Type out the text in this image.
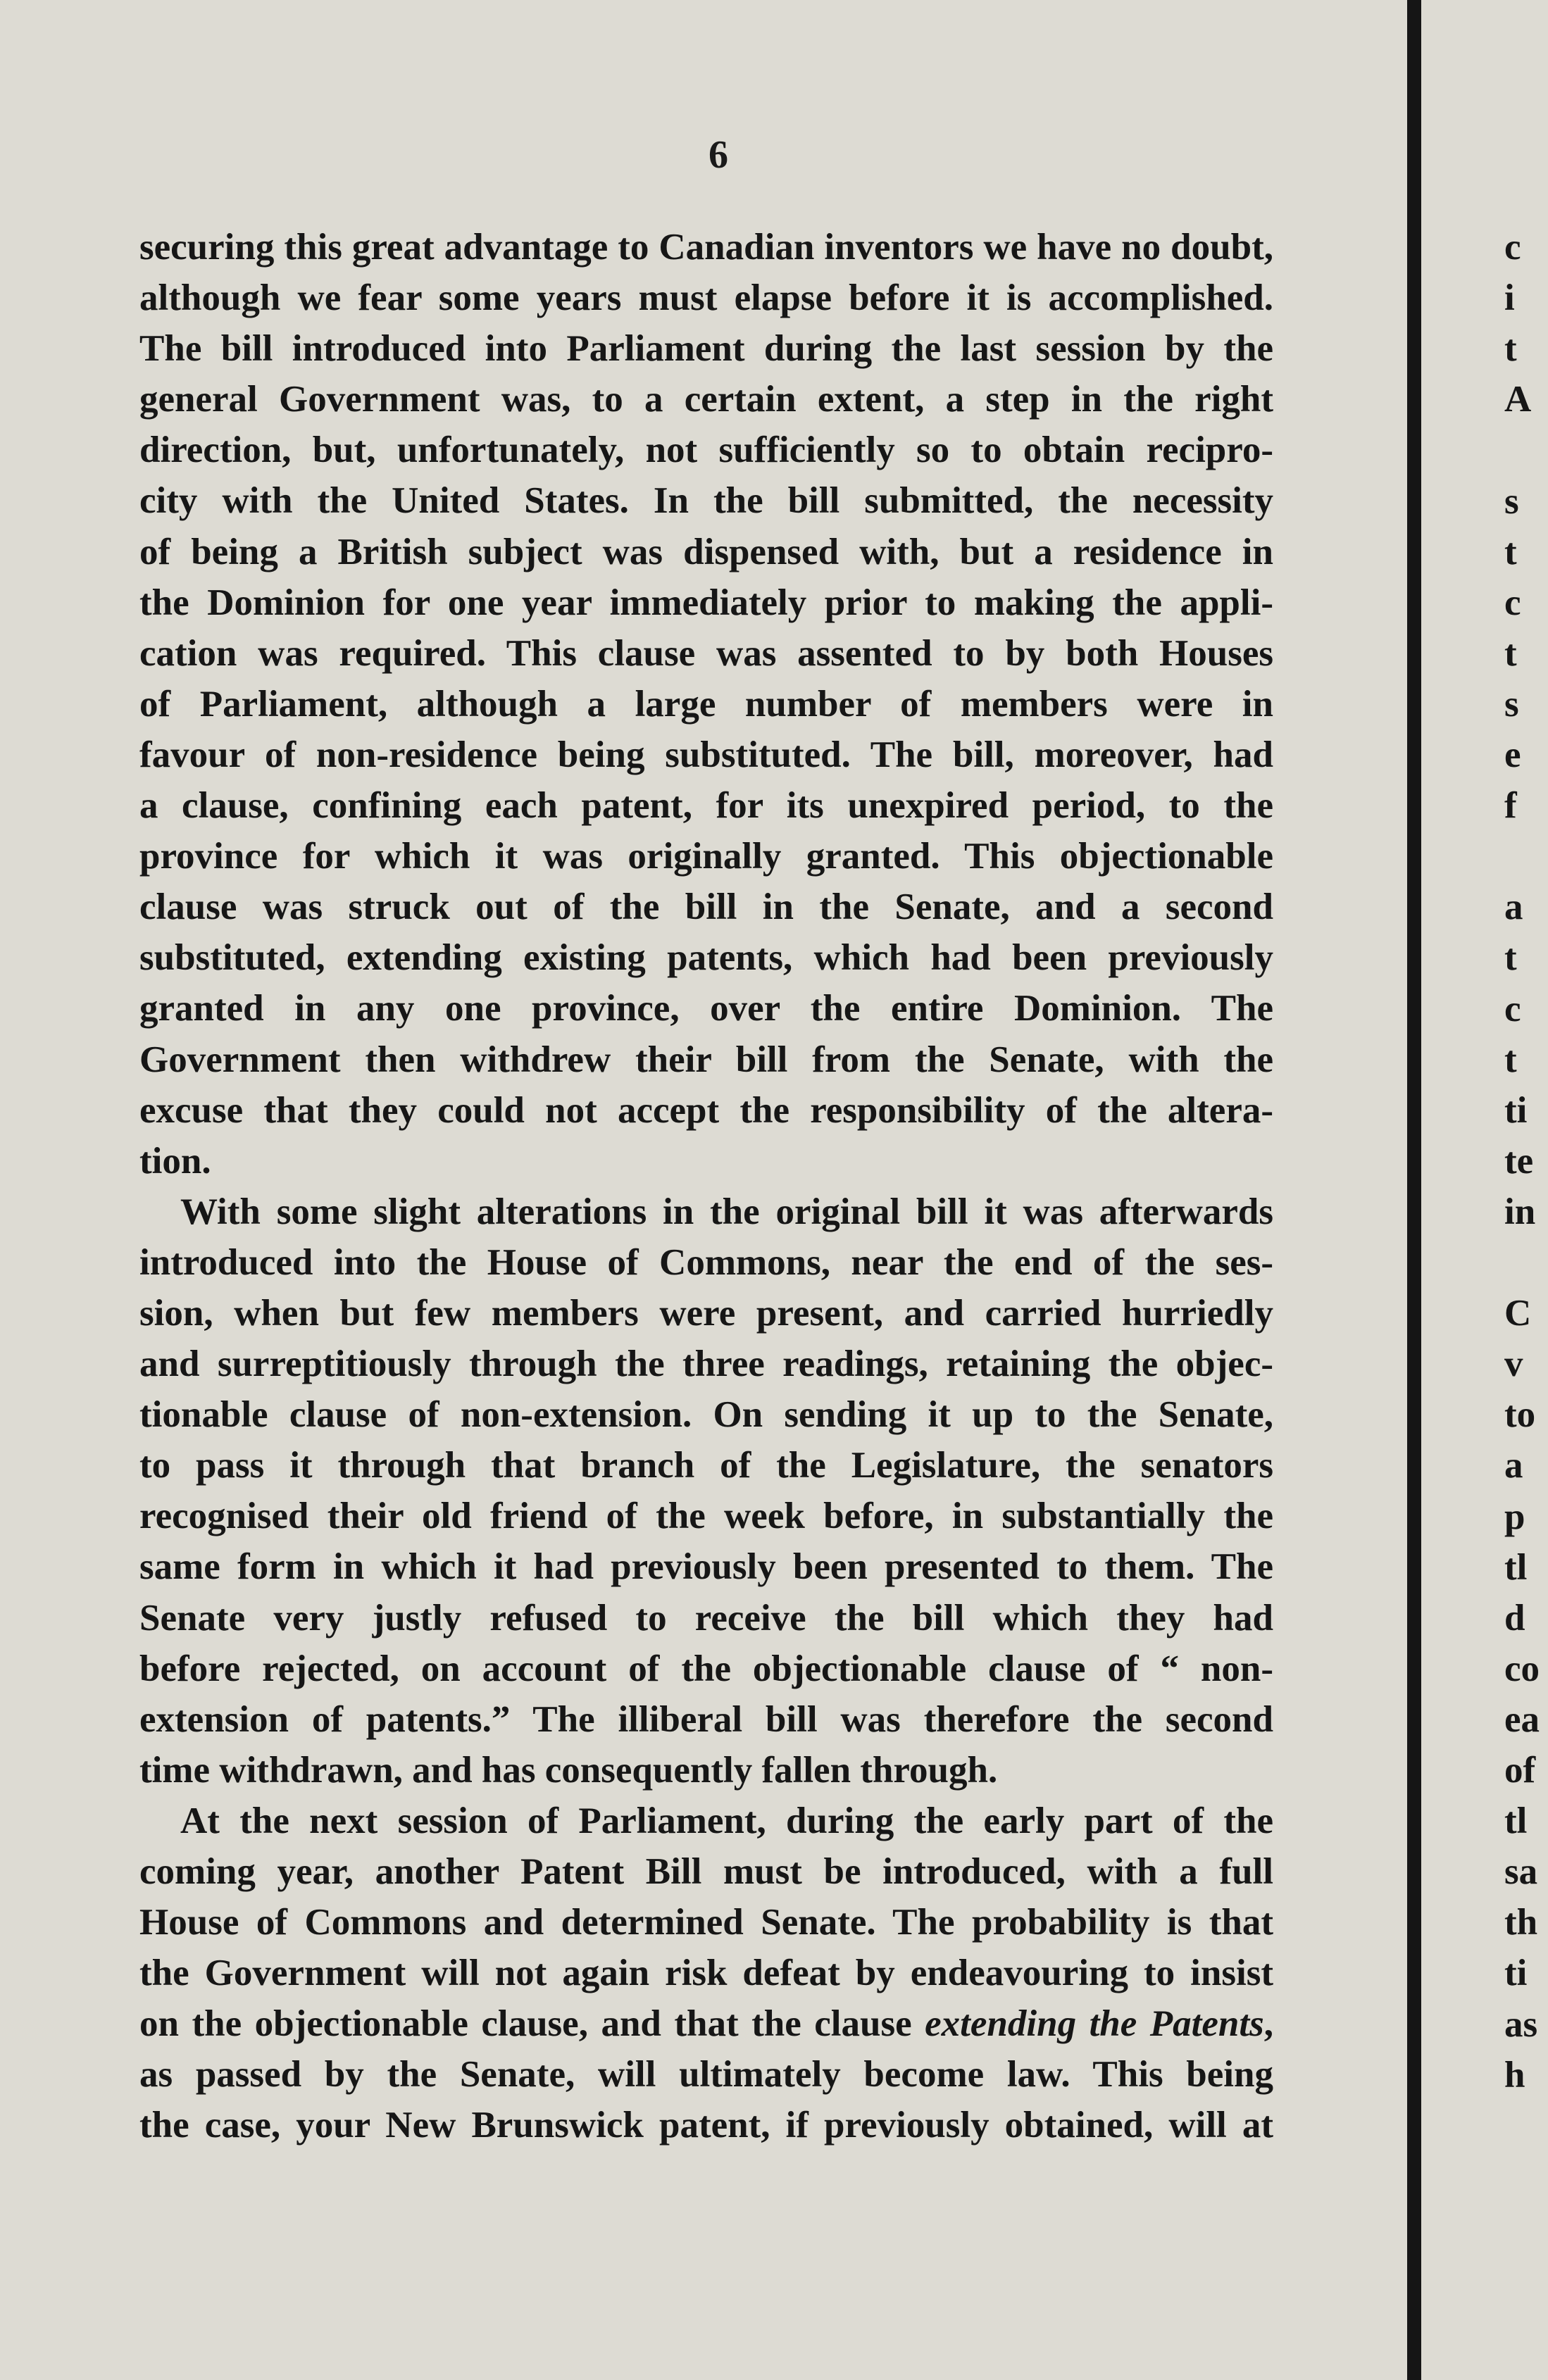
6
securing this great advantage to Canadian inventors we have no doubt,
although we fear some years must elapse before it is accomplished.
The bill introduced into Parliament during the last session by the
general Government was, to a certain extent, a step in the right
direction, but, unfortunately, not sufficiently so to obtain recipro-
city with the United States. In the bill submitted, the necessity
of being a British subject was dispensed with, but a residence in
the Dominion for one year immediately prior to making the appli-
cation was required. This clause was assented to by both Houses
of Parliament, although a large number of members were in
favour of non-residence being substituted. The bill, moreover, had
a clause, confining each patent, for its unexpired period, to the
province for which it was originally granted. This objectionable
clause was struck out of the bill in the Senate, and a second
substituted, extending existing patents, which had been previously
granted in any one province, over the entire Dominion. The
Government then withdrew their bill from the Senate, with the
excuse that they could not accept the responsibility of the altera-
tion.
With some slight alterations in the original bill it was afterwards
introduced into the House of Commons, near the end of the ses-
sion, when but few members were present, and carried hurriedly
and surreptitiously through the three readings, retaining the objec-
tionable clause of non-extension. On sending it up to the Senate,
to pass it through that branch of the Legislature, the senators
recognised their old friend of the week before, in substantially the
same form in which it had previously been presented to them. The
Senate very justly refused to receive the bill which they had
before rejected, on account of the objectionable clause of “ non-
extension of patents.” The illiberal bill was therefore the second
time withdrawn, and has consequently fallen through.
At the next session of Parliament, during the early part of the
coming year, another Patent Bill must be introduced, with a full
House of Commons and determined Senate. The probability is that
the Government will not again risk defeat by endeavouring to insist
on the objectionable clause, and that the clause extending the Patents,
as passed by the Senate, will ultimately become law. This being
the case, your New Brunswick patent, if previously obtained, will at
c
i
t
A
s
t
c
t
s
e
f
a
t
c
t
ti
te
in
C
v
to
a
p
tl
d
co
ea
of
tl
sa
th
ti
as
h
